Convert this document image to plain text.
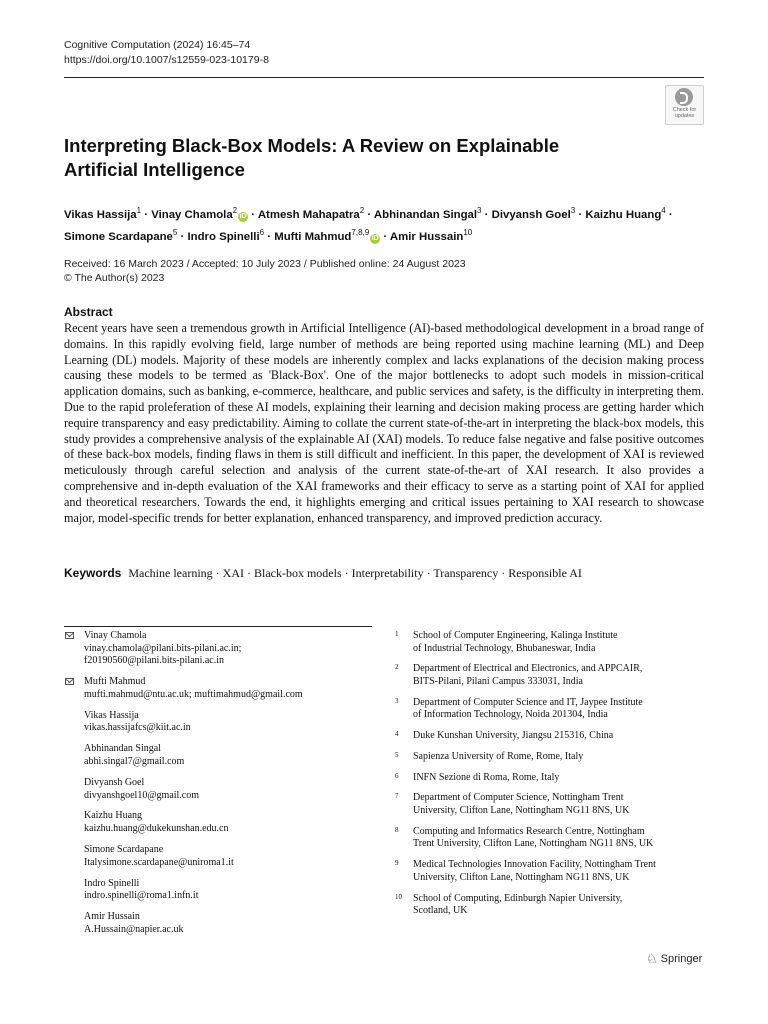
Cognitive Computation (2024) 16:45–74
https://doi.org/10.1007/s12559-023-10179-8
Check for
updates
Interpreting Black-Box Models: A Review on Explainable Artificial Intelligence
Vikas Hassija$^1$ · Vinay Chamola$^2$iD · Atmesh Mahapatra$^2$ · Abhinandan Singal$^3$ · Divyansh Goel$^3$ · Kaizhu Huang$^4$ ·
Simone Scardapane$^5$ · Indro Spinelli$^6$ · Mufti Mahmud$^{7,8,9}$iD · Amir Hussain$^{10}$
Received: 16 March 2023 / Accepted: 10 July 2023 / Published online: 24 August 2023
© The Author(s) 2023
Abstract

Recent years have seen a tremendous growth in Artificial Intelligence (AI)-based methodological development in a broad range of domains. In this rapidly evolving field, large number of methods are being reported using machine learning (ML) and Deep Learning (DL) models. Majority of these models are inherently complex and lacks explanations of the decision making process causing these models to be termed as 'Black-Box'. One of the major bottlenecks to adopt such models in mission-critical application domains, such as banking, e-commerce, healthcare, and public services and safety, is the difficulty in interpreting them. Due to the rapid proleferation of these AI models, explaining their learning and decision making process are getting harder which require transparency and easy predictability. Aiming to collate the current state-of-the-art in interpreting the black-box models, this study provides a comprehensive analysis of the explainable AI (XAI) models. To reduce false negative and false positive outcomes of these back-box models, finding flaws in them is still difficult and inefficient. In this paper, the development of XAI is reviewed meticulously through careful selection and analysis of the current state-of-the-art of XAI research. It also provides a comprehensive and in-depth evaluation of the XAI frameworks and their efficacy to serve as a starting point of XAI for applied and theoretical researchers. Towards the end, it highlights emerging and critical issues pertaining to XAI research to showcase major, model-specific trends for better explanation, enhanced transparency, and improved prediction accuracy.

Keywords Machine learning · XAI · Black-box models · Interpretability · Transparency · Responsible AI
Vinay Chamola
vinay.chamola@pilani.bits-pilani.ac.in;
f20190560@pilani.bits-pilani.ac.in
Mufti Mahmud
mufti.mahmud@ntu.ac.uk; muftimahmud@gmail.com
Vikas Hassija
vikas.hassijafcs@kiit.ac.in
Abhinandan Singal
abhi.singal7@gmail.com
Divyansh Goel
divyanshgoel10@gmail.com
Kaizhu Huang
kaizhu.huang@dukekunshan.edu.cn
Simone Scardapane
Italysimone.scardapane@uniroma1.it
Indro Spinelli
indro.spinelli@roma1.infn.it
Amir Hussain
A.Hussain@napier.ac.uk
1 School of Computer Engineering, Kalinga Institute
of Industrial Technology, Bhubaneswar, India
2 Department of Electrical and Electronics, and APPCAIR,
BITS-Pilani, Pilani Campus 333031, India
3 Department of Computer Science and IT, Jaypee Institute
of Information Technology, Noida 201304, India
4 Duke Kunshan University, Jiangsu 215316, China
5 Sapienza University of Rome, Rome, Italy
6 INFN Sezione di Roma, Rome, Italy
7 Department of Computer Science, Nottingham Trent
University, Clifton Lane, Nottingham NG11 8NS, UK
8 Computing and Informatics Research Centre, Nottingham
Trent University, Clifton Lane, Nottingham NG11 8NS, UK
9 Medical Technologies Innovation Facility, Nottingham Trent
University, Clifton Lane, Nottingham NG11 8NS, UK
10 School of Computing, Edinburgh Napier University,
Scotland, UK
♘ Springer
